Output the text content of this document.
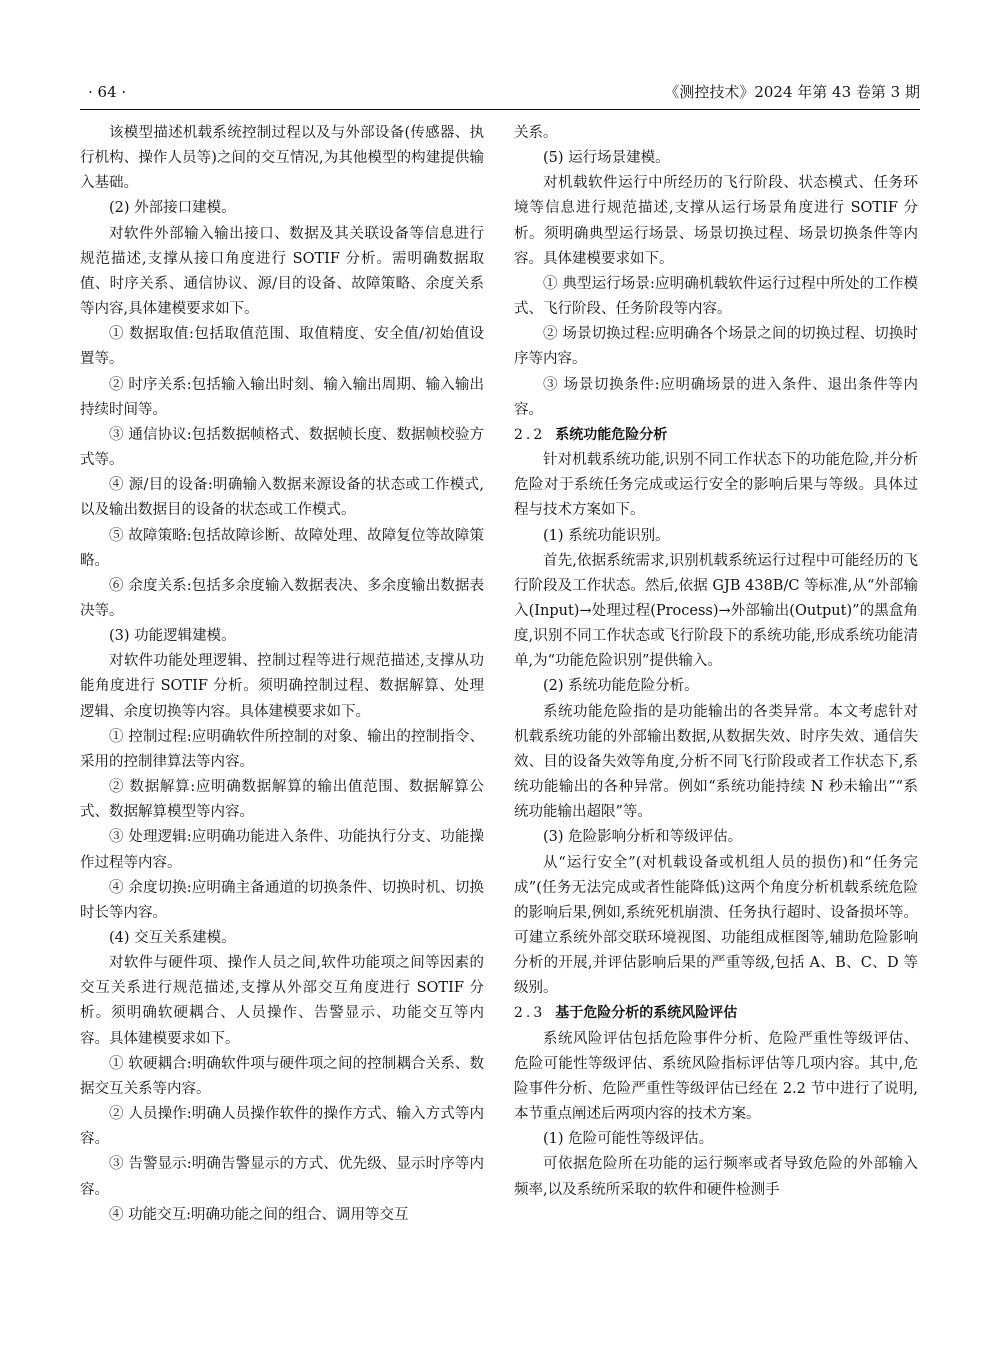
· 64 ·	《测控技术》2024 年第 43 卷第 3 期

该模型描述机载系统控制过程以及与外部设备(传感器、执行机构、操作人员等)之间的交互情况,为其他模型的构建提供输入基础。

(2) 外部接口建模。

对软件外部输入输出接口、数据及其关联设备等信息进行规范描述,支撑从接口角度进行 SOTIF 分析。需明确数据取值、时序关系、通信协议、源/目的设备、故障策略、余度关系等内容,具体建模要求如下。

① 数据取值:包括取值范围、取值精度、安全值/初始值设置等。

② 时序关系:包括输入输出时刻、输入输出周期、输入输出持续时间等。

③ 通信协议:包括数据帧格式、数据帧长度、数据帧校验方式等。

④ 源/目的设备:明确输入数据来源设备的状态或工作模式,以及输出数据目的设备的状态或工作模式。

⑤ 故障策略:包括故障诊断、故障处理、故障复位等故障策略。

⑥ 余度关系:包括多余度输入数据表决、多余度输出数据表决等。

(3) 功能逻辑建模。

对软件功能处理逻辑、控制过程等进行规范描述,支撑从功能角度进行 SOTIF 分析。须明确控制过程、数据解算、处理逻辑、余度切换等内容。具体建模要求如下。

① 控制过程:应明确软件所控制的对象、输出的控制指令、采用的控制律算法等内容。

② 数据解算:应明确数据解算的输出值范围、数据解算公式、数据解算模型等内容。

③ 处理逻辑:应明确功能进入条件、功能执行分支、功能操作过程等内容。

④ 余度切换:应明确主备通道的切换条件、切换时机、切换时长等内容。

(4) 交互关系建模。

对软件与硬件项、操作人员之间,软件功能项之间等因素的交互关系进行规范描述,支撑从外部交互角度进行 SOTIF 分析。须明确软硬耦合、人员操作、告警显示、功能交互等内容。具体建模要求如下。

① 软硬耦合:明确软件项与硬件项之间的控制耦合关系、数据交互关系等内容。

② 人员操作:明确人员操作软件的操作方式、输入方式等内容。

③ 告警显示:明确告警显示的方式、优先级、显示时序等内容。

④ 功能交互:明确功能之间的组合、调用等交互

关系。

(5) 运行场景建模。

对机载软件运行中所经历的飞行阶段、状态模式、任务环境等信息进行规范描述,支撑从运行场景角度进行 SOTIF 分析。须明确典型运行场景、场景切换过程、场景切换条件等内容。具体建模要求如下。

① 典型运行场景:应明确机载软件运行过程中所处的工作模式、飞行阶段、任务阶段等内容。

② 场景切换过程:应明确各个场景之间的切换过程、切换时序等内容。

③ 场景切换条件:应明确场景的进入条件、退出条件等内容。

2.2 系统功能危险分析

针对机载系统功能,识别不同工作状态下的功能危险,并分析危险对于系统任务完成或运行安全的影响后果与等级。具体过程与技术方案如下。

(1) 系统功能识别。

首先,依据系统需求,识别机载系统运行过程中可能经历的飞行阶段及工作状态。然后,依据 GJB 438B/C 等标准,从“外部输入(Input)→处理过程(Process)→外部输出(Output)”的黑盒角度,识别不同工作状态或飞行阶段下的系统功能,形成系统功能清单,为“功能危险识别”提供输入。

(2) 系统功能危险分析。

系统功能危险指的是功能输出的各类异常。本文考虑针对机载系统功能的外部输出数据,从数据失效、时序失效、通信失效、目的设备失效等角度,分析不同飞行阶段或者工作状态下,系统功能输出的各种异常。例如“系统功能持续 N 秒未输出”“系统功能输出超限”等。

(3) 危险影响分析和等级评估。

从“运行安全”(对机载设备或机组人员的损伤)和“任务完成”(任务无法完成或者性能降低)这两个角度分析机载系统危险的影响后果,例如,系统死机崩溃、任务执行超时、设备损坏等。可建立系统外部交联环境视图、功能组成框图等,辅助危险影响分析的开展,并评估影响后果的严重等级,包括 A、B、C、D 等级别。

2.3 基于危险分析的系统风险评估

系统风险评估包括危险事件分析、危险严重性等级评估、危险可能性等级评估、系统风险指标评估等几项内容。其中,危险事件分析、危险严重性等级评估已经在 2.2 节中进行了说明,本节重点阐述后两项内容的技术方案。

(1) 危险可能性等级评估。

可依据危险所在功能的运行频率或者导致危险的外部输入频率,以及系统所采取的软件和硬件检测手
